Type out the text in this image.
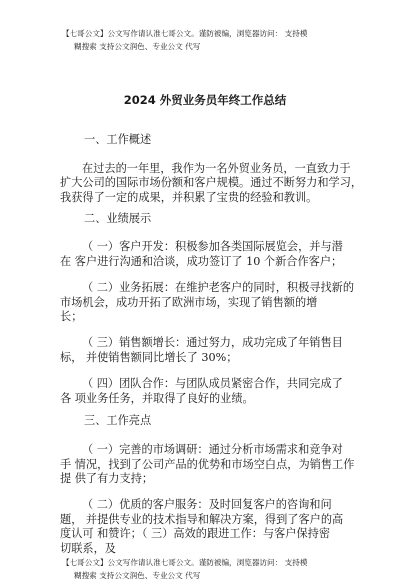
【七哥公文】公文写作请认准七哥公文。谨防被编，浏览器访问： 支持模
糊搜索 支持公文润色、专业公文 代写
2024 外贸业务员年终工作总结
一、工作概述
在过去的一年里，我作为一名外贸业务员，一直致力于
扩大公司的国际市场份额和客户规模。通过不断努力和学习，
我获得了一定的成果，并积累了宝贵的经验和教训。
二、业绩展示
（ 一）客户开发：积极参加各类国际展览会，并与潜
在 客户进行沟通和洽谈，成功签订了 10 个新合作客户；
（ 二）业务拓展：在维护老客户的同时，积极寻找新的
市场机会，成功开拓了欧洲市场，实现了销售额的增
长；
（ 三）销售额增长：通过努力，成功完成了年销售目
标， 并使销售额同比增长了 30%；
（ 四）团队合作：与团队成员紧密合作，共同完成了
各 项业务任务，并取得了良好的业绩。
三、工作亮点
（ 一）完善的市场调研：通过分析市场需求和竞争对
手 情况，找到了公司产品的优势和市场空白点，为销售工作
提 供了有力支持；
（ 二）优质的客户服务：及时回复客户的咨询和问
题， 并提供专业的技术指导和解决方案，得到了客户的高
度认可 和赞许；（ 三）高效的跟进工作：与客户保持密
切联系，及
【七哥公文】公文写作请认准七哥公文。谨防被编，浏览器访问： 支持模
糊搜索 支持公文润色、专业公文 代写
